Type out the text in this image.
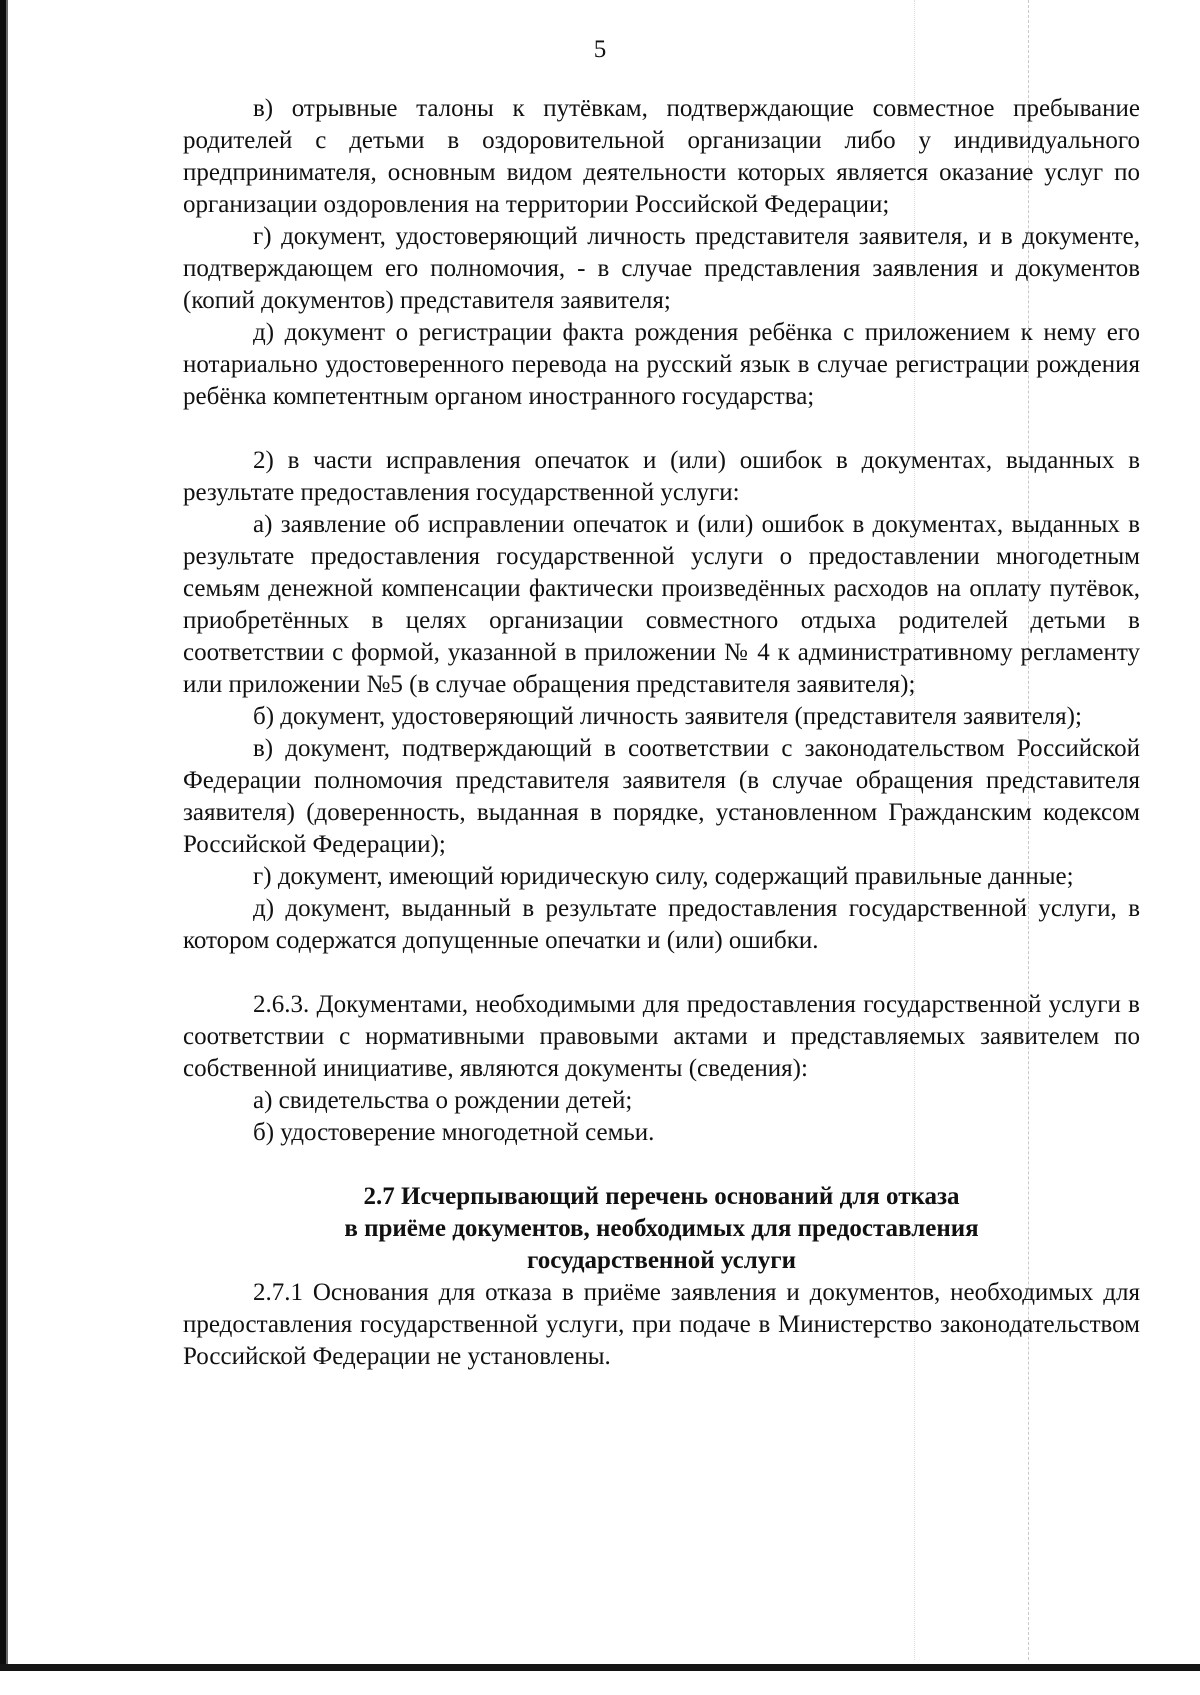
5

в) отрывные талоны к путёвкам, подтверждающие совместное пребывание родителей с детьми в оздоровительной организации либо у индивидуального предпринимателя, основным видом деятельности которых является оказание услуг по организации оздоровления на территории Российской Федерации;

г) документ, удостоверяющий личность представителя заявителя, и в документе, подтверждающем его полномочия, - в случае представления заявления и документов (копий документов) представителя заявителя;

д) документ о регистрации факта рождения ребёнка с приложением к нему его нотариально удостоверенного перевода на русский язык в случае регистрации рождения ребёнка компетентным органом иностранного государства;

2) в части исправления опечаток и (или) ошибок в документах, выданных в результате предоставления государственной услуги:

а) заявление об исправлении опечаток и (или) ошибок в документах, выданных в результате предоставления государственной услуги о предоставлении многодетным семьям денежной компенсации фактически произведённых расходов на оплату путёвок, приобретённых в целях организации совместного отдыха родителей детьми в соответствии с формой, указанной в приложении № 4 к административному регламенту или приложении №5 (в случае обращения представителя заявителя);

б) документ, удостоверяющий личность заявителя (представителя заявителя);

в) документ, подтверждающий в соответствии с законодательством Российской Федерации полномочия представителя заявителя (в случае обращения представителя заявителя) (доверенность, выданная в порядке, установленном Гражданским кодексом Российской Федерации);

г) документ, имеющий юридическую силу, содержащий правильные данные;

д) документ, выданный в результате предоставления государственной услуги, в котором содержатся допущенные опечатки и (или) ошибки.

2.6.3. Документами, необходимыми для предоставления государственной услуги в соответствии с нормативными правовыми актами и представляемых заявителем по собственной инициативе, являются документы (сведения):

а) свидетельства о рождении детей;

б) удостоверение многодетной семьи.

2.7 Исчерпывающий перечень оснований для отказа
в приёме документов, необходимых для предоставления
государственной услуги

2.7.1 Основания для отказа в приёме заявления и документов, необходимых для предоставления государственной услуги, при подаче в Министерство законодательством Российской Федерации не установлены.
